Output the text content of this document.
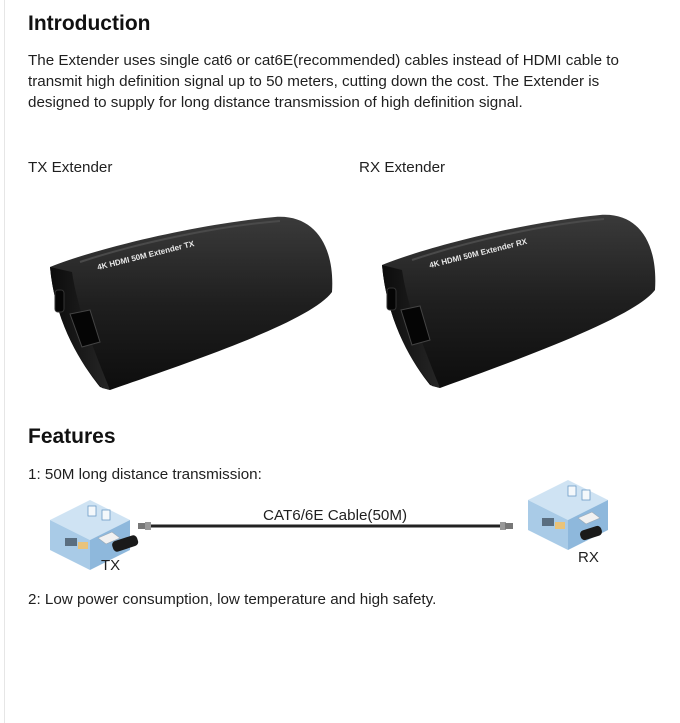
Introduction

The Extender uses single cat6 or cat6E(recommended) cables instead of HDMI cable to transmit high definition signal up to 50 meters, cutting down the cost. The Extender is designed to supply for long distance transmission of high definition signal.

TX Extender	RX Extender
4K HDMI 50M Extender TX	4K HDMI 50M Extender RX
Features
1: 50M long distance transmission:
CAT6/6E Cable(50M)
TX	RX
2: Low power consumption, low temperature and high safety.
